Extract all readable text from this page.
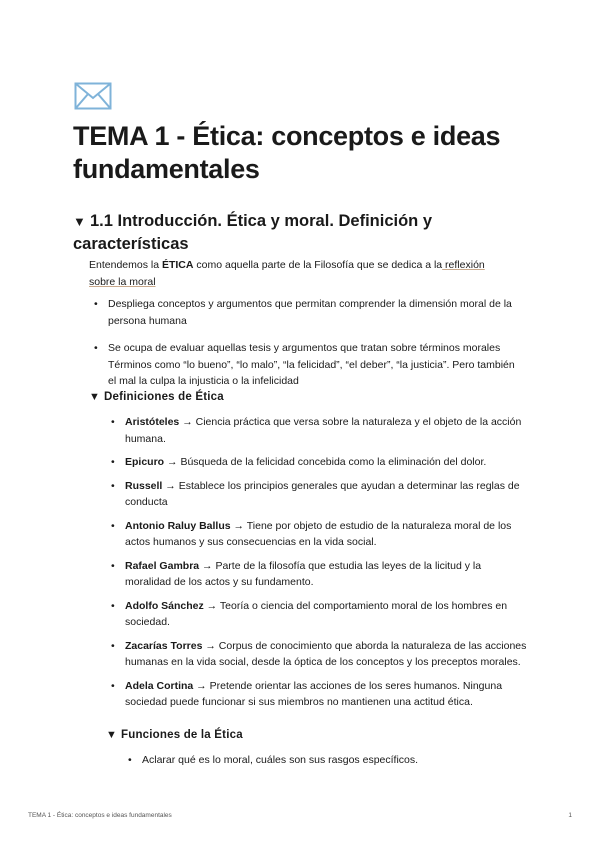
TEMA 1 - Ética: conceptos e ideas fundamentales
▼ 1.1 Introducción. Ética y moral. Definición y características
Entendemos la ÉTICA como aquella parte de la Filosofía que se dedica a la reflexión sobre la moral
• Despliega conceptos y argumentos que permitan comprender la dimensión moral de la persona humana
• Se ocupa de evaluar aquellas tesis y argumentos que tratan sobre términos morales Términos como “lo bueno”, “lo malo”, “la felicidad”, “el deber”, “la justicia”. Pero también el mal la culpa la injusticia o la infelicidad
▼ Definiciones de Ética
• Aristóteles → Ciencia práctica que versa sobre la naturaleza y el objeto de la acción humana.
• Epicuro → Búsqueda de la felicidad concebida como la eliminación del dolor.
• Russell → Establece los principios generales que ayudan a determinar las reglas de conducta
• Antonio Raluy Ballus → Tiene por objeto de estudio de la naturaleza moral de los actos humanos y sus consecuencias en la vida social.
• Rafael Gambra → Parte de la filosofía que estudia las leyes de la licitud y la moralidad de los actos y su fundamento.
• Adolfo Sánchez → Teoría o ciencia del comportamiento moral de los hombres en sociedad.
• Zacarías Torres → Corpus de conocimiento que aborda la naturaleza de las acciones humanas en la vida social, desde la óptica de los conceptos y los preceptos morales.
• Adela Cortina → Pretende orientar las acciones de los seres humanos. Ninguna sociedad puede funcionar si sus miembros no mantienen una actitud ética.
▼ Funciones de la Ética
• Aclarar qué es lo moral, cuáles son sus rasgos específicos.
TEMA 1 - Ética: conceptos e ideas fundamentales	1
